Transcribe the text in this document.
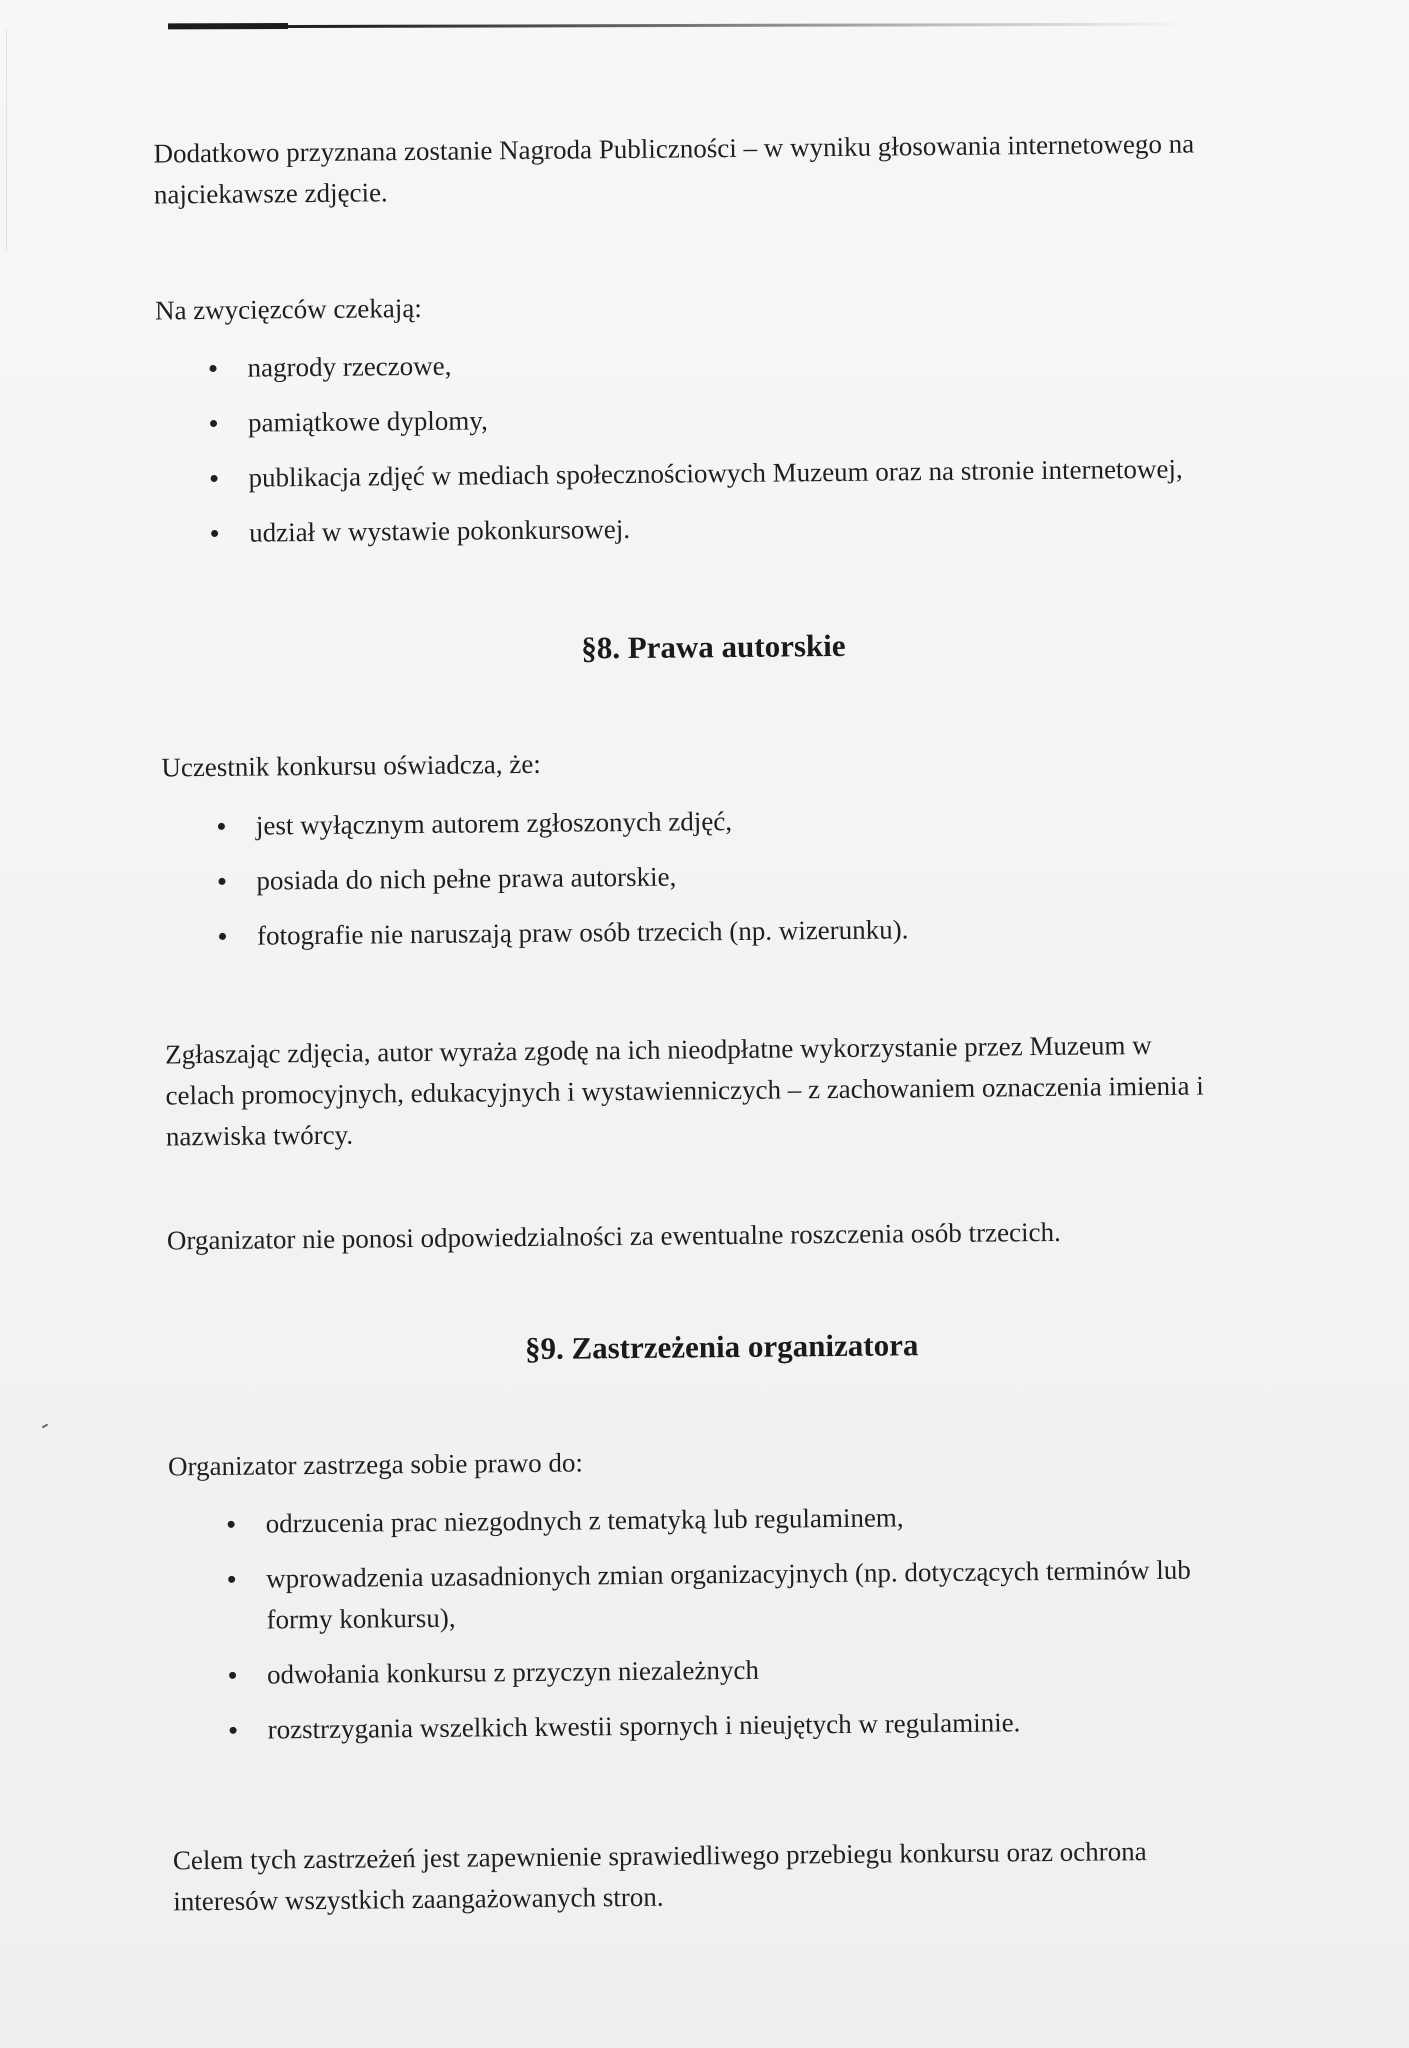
Dodatkowo przyznana zostanie Nagroda Publiczności – w wyniku głosowania internetowego na
najciekawsze zdjęcie.

Na zwycięzców czekają:

nagrody rzeczowe,
pamiątkowe dyplomy,
publikacja zdjęć w mediach społecznościowych Muzeum oraz na stronie internetowej,
udział w wystawie pokonkursowej.
§8. Prawa autorskie

Uczestnik konkursu oświadcza, że:

jest wyłącznym autorem zgłoszonych zdjęć,
posiada do nich pełne prawa autorskie,
fotografie nie naruszają praw osób trzecich (np. wizerunku).

Zgłaszając zdjęcia, autor wyraża zgodę na ich nieodpłatne wykorzystanie przez Muzeum w
celach promocyjnych, edukacyjnych i wystawienniczych – z zachowaniem oznaczenia imienia i
nazwiska twórcy.

Organizator nie ponosi odpowiedzialności za ewentualne roszczenia osób trzecich.

§9. Zastrzeżenia organizatora

Organizator zastrzega sobie prawo do:

odrzucenia prac niezgodnych z tematyką lub regulaminem,
wprowadzenia uzasadnionych zmian organizacyjnych (np. dotyczących terminów lub
formy konkursu),
odwołania konkursu z przyczyn niezależnych
rozstrzygania wszelkich kwestii spornych i nieujętych w regulaminie.

Celem tych zastrzeżeń jest zapewnienie sprawiedliwego przebiegu konkursu oraz ochrona
interesów wszystkich zaangażowanych stron.
